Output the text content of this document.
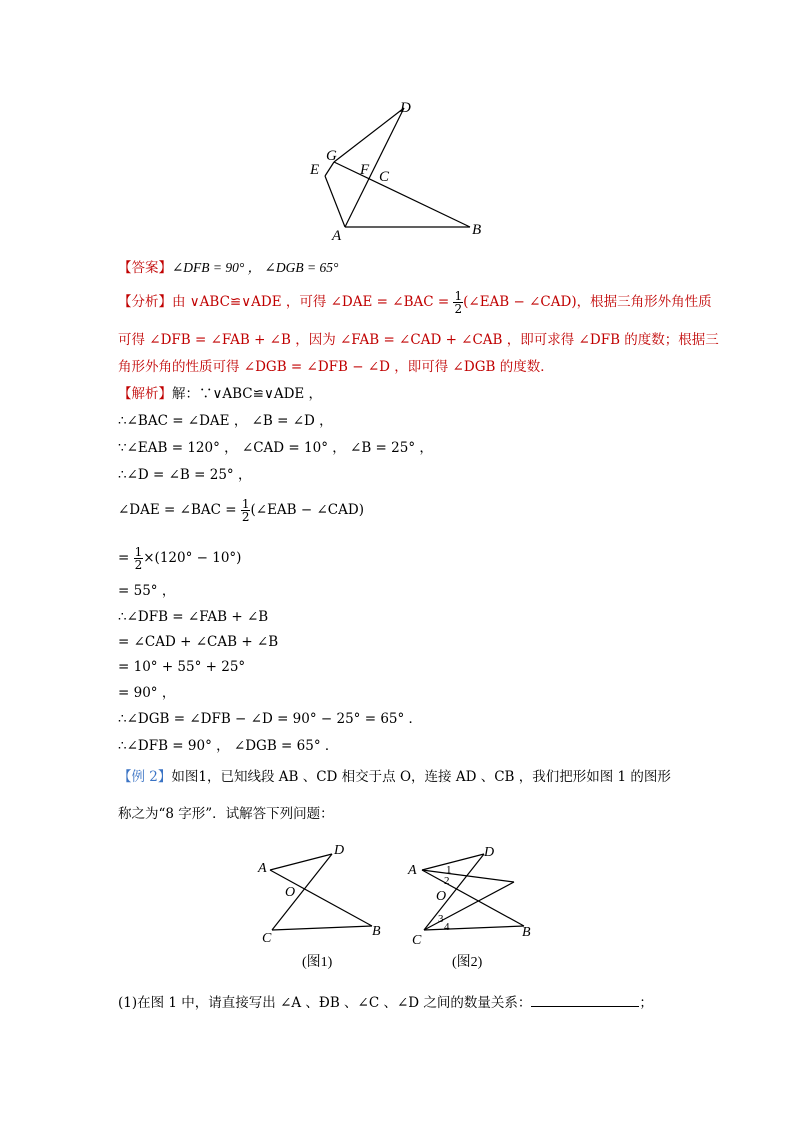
D
G
E	F C
A	B
【答案】∠DFB = 90° ， ∠DGB = 65°
【分析】由 ∨ABC≌∨ADE ，可得 ∠DAE = ∠BAC = $\frac{1}{2}$ (∠EAB − ∠CAD)，根据三角形外角性质
可得 ∠DFB = ∠FAB + ∠B ，因为 ∠FAB = ∠CAD + ∠CAB ，即可求得 ∠DFB 的度数；根据三
角形外角的性质可得 ∠DGB = ∠DFB − ∠D ，即可得 ∠DGB 的度数．
【解析】解：∵∨ABC≌∨ADE ，
∴∠BAC = ∠DAE ， ∠B = ∠D ，
∵∠EAB = 120° ， ∠CAD = 10° ， ∠B = 25° ，
∴∠D = ∠B = 25° ，
∠DAE = ∠BAC = $\frac{1}{2}$ (∠EAB − ∠CAD)
= $\frac{1}{2} \times(120^\circ - 10^\circ)$
= 55° ，
∴∠DFB = ∠FAB + ∠B
= ∠CAD + ∠CAB + ∠B
= 10° + 55° + 25°
= 90° ，
∴∠DGB = ∠DFB − ∠D = 90° − 25° = 65° ．
∴∠DFB = 90° ， ∠DGB = 65° ．
【例 2】如图1，已知线段 AB 、CD 相交于点 O，连接 AD 、CB ，我们把形如图 1 的图形
称之为“8 字形”．试解答下列问题：
A
D
O
C	B
(图1)
A
D
O
C
B
1
2
3
4
(图2)
(1)在图 1 中，请直接写出 ∠A 、ÐB 、∠C 、∠D 之间的数量关系：	；
